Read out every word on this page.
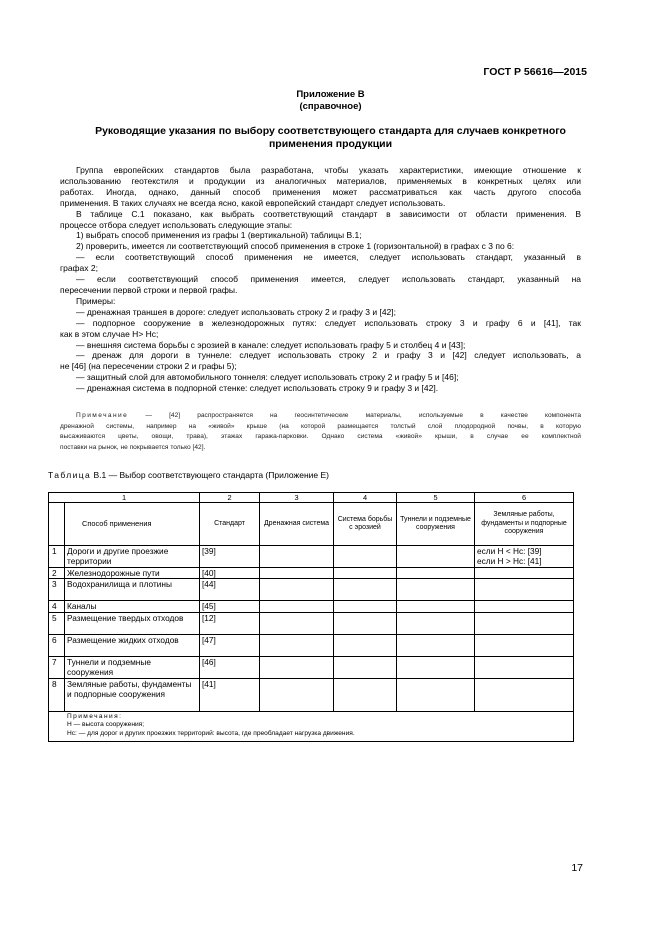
ГОСТ Р 56616—2015
Приложение В
(справочное)
Руководящие указания по выбору соответствующего стандарта для случаев конкретного
применения продукции

Группа европейских стандартов была разработана, чтобы указать характеристики, имеющие отношение к

использованию геотекстиля и продукции из аналогичных материалов, применяемых в конкретных целях или

работах. Иногда, однако, данный способ применения может рассматриваться как часть другого способа

применения. В таких случаях не всегда ясно, какой европейский стандарт следует использовать.

В таблице С.1 показано, как выбрать соответствующий стандарт в зависимости от области применения. В

процессе отбора следует использовать следующие этапы:

1) выбрать способ применения из графы 1 (вертикальной) таблицы В.1;

2) проверить, имеется ли соответствующий способ применения в строке 1 (горизонтальной) в графах с 3 по 6:

— если соответствующий способ применения не имеется, следует использовать стандарт, указанный в

графах 2;

— если соответствующий способ применения имеется, следует использовать стандарт, указанный на

пересечении первой строки и первой графы.

Примеры:

— дренажная траншея в дороге: следует использовать строку 2 и графу 3 и [42];

— подпорное сооружение в железнодорожных путях: следует использовать строку 3 и графу 6 и [41], так

как в этом случае H> Hc;

— внешняя система борьбы с эрозией в канале: следует использовать графу 5 и столбец 4 и [43];

— дренаж для дороги в туннеле: следует использовать строку 2 и графу 3 и [42] следует использовать, а

не [46] (на пересечении строки 2 и графы 5);

— защитный слой для автомобильного тоннеля: следует использовать строку 2 и графу 5 и [46];

— дренажная система в подпорной стенке: следует использовать строку 9 и графу 3 и [42].

Примечание — [42] распространяется на геосинтетические материалы, используемые в качестве компонента

дренажной системы, например на «живой» крыше (на которой размещается толстый слой плодородной почвы, в которую

высаживаются цветы, овощи, трава), этажах гаража-парковки. Однако система «живой» крыши, в случае ее комплектной

поставки на рынок, не покрывается только [42].

Таблица В.1 — Выбор соответствующего стандарта (Приложение Е)
1		2	3	4	5	6
	Способ применения	Стандарт	Дренажная система	Система борьбы с эрозией	Туннели и подземные сооружения	Земляные работы, фундаменты и подпорные сооружения
1	Дороги и другие проезжие территории	[39]				если H < Hc: [39]
если H > Hc: [41]
2	Железнодорожные пути	[40]				
3	Водохранилища и плотины	[44]				
4	Каналы	[45]				
5	Размещение твердых отходов	[12]				
6	Размещение жидких отходов	[47]				
7	Туннели и подземные сооружения	[46]				
8	Земляные работы, фундаменты и подпорные сооружения	[41]				

Примечания:
H — высота сооружения;
Hc: — для дорог и других проезжих территорий: высота, где преобладает нагрузка движения.						
17
